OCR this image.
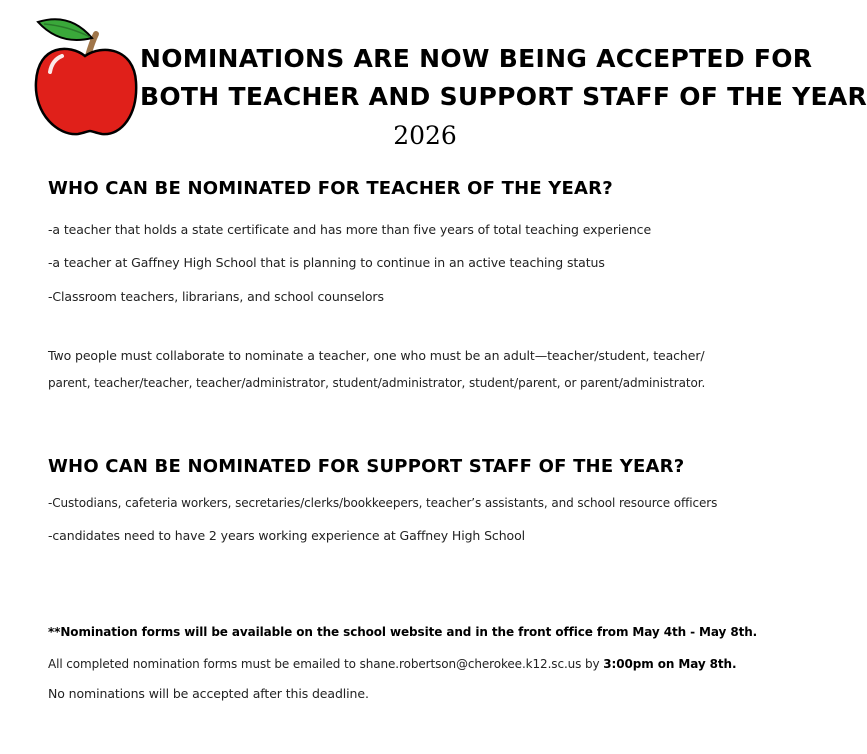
NOMINATIONS ARE NOW BEING ACCEPTED FOR
BOTH TEACHER AND SUPPORT STAFF OF THE YEAR
2026
WHO CAN BE NOMINATED FOR TEACHER OF THE YEAR?
-a teacher that holds a state certificate and has more than five years of total teaching experience
-a teacher at Gaffney High School that is planning to continue in an active teaching status
-Classroom teachers, librarians, and school counselors
Two people must collaborate to nominate a teacher, one who must be an adult—teacher/student, teacher/
parent, teacher/teacher, teacher/administrator, student/administrator, student/parent, or parent/administrator.
WHO CAN BE NOMINATED FOR SUPPORT STAFF OF THE YEAR?
-Custodians, cafeteria workers, secretaries/clerks/bookkeepers, teacher’s assistants, and school resource officers
-candidates need to have 2 years working experience at Gaffney High School
**Nomination forms will be available on the school website and in the front office from May 4th - May 8th.
All completed nomination forms must be emailed to shane.robertson@cherokee.k12.sc.us by 3:00pm on May 8th.
No nominations will be accepted after this deadline.
